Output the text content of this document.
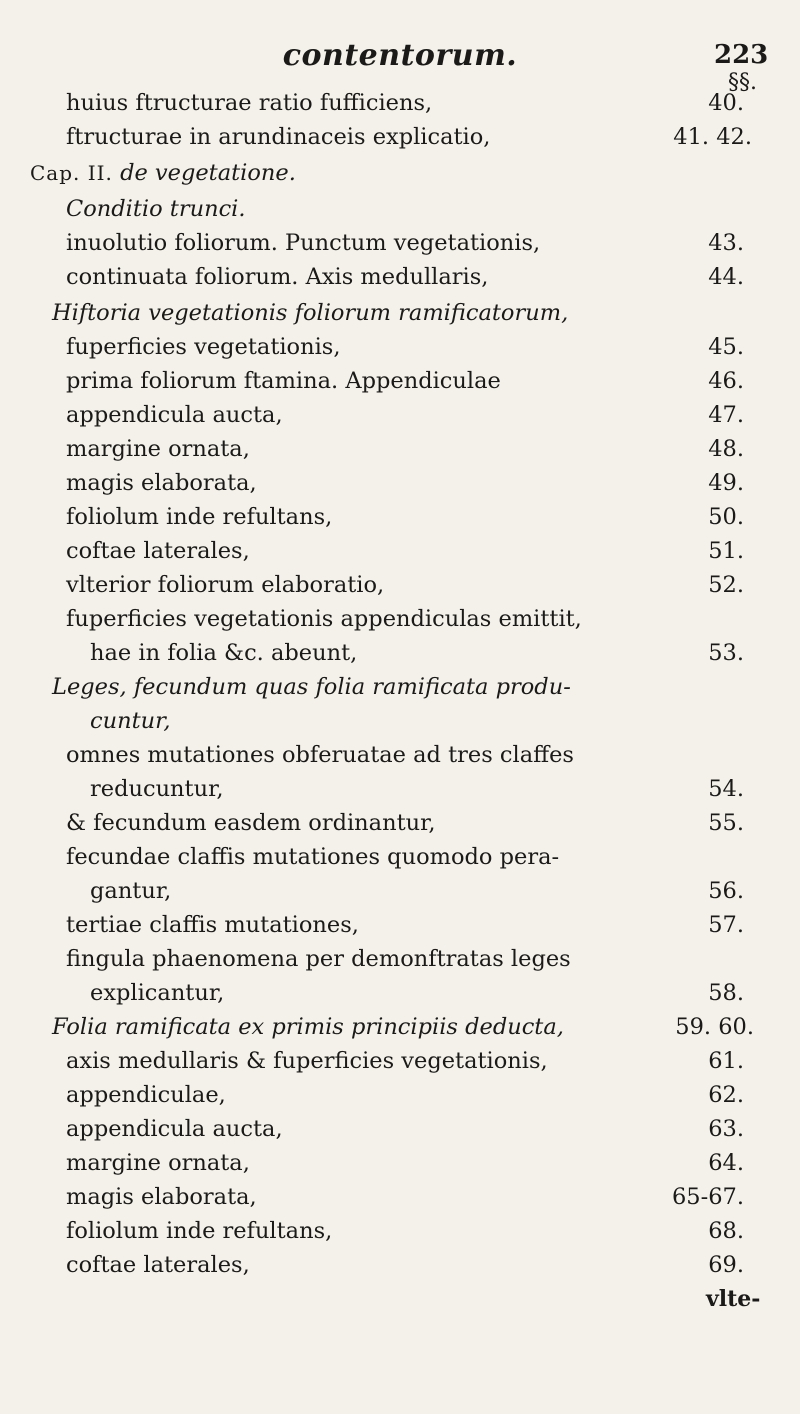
contentorum.	223
§§.
huius ftructurae ratio fufficiens,	40.
ftructurae in arundinaceis explicatio,	41. 42.
Cap. II. de vegetatione.
Conditio trunci.
inuolutio foliorum. Punctum vegetationis,	43.
continuata foliorum. Axis medullaris,	44.
Hiftoria vegetationis foliorum ramificatorum,
fuperficies vegetationis,	45.
prima foliorum ftamina. Appendiculae	46.
appendicula aucta,	47.
margine ornata,	48.
magis elaborata,	49.
foliolum inde refultans,	50.
coftae laterales,	51.
vlterior foliorum elaboratio,	52.
fuperficies vegetationis appendiculas emittit,
hae in folia &c. abeunt,	53.
Leges, fecundum quas folia ramificata produ-
cuntur,
omnes mutationes obferuatae ad tres claffes
reducuntur,	54.
& fecundum easdem ordinantur,	55.
fecundae claffis mutationes quomodo pera-
gantur,	56.
tertiae claffis mutationes,	57.
fingula phaenomena per demonftratas leges
explicantur,	58.
Folia ramificata ex primis principiis deducta,	59. 60.
axis medullaris & fuperficies vegetationis,	61.
appendiculae,	62.
appendicula aucta,	63.
margine ornata,	64.
magis elaborata,	65-67.
foliolum inde refultans,	68.
coftae laterales,	69.
vlte-
